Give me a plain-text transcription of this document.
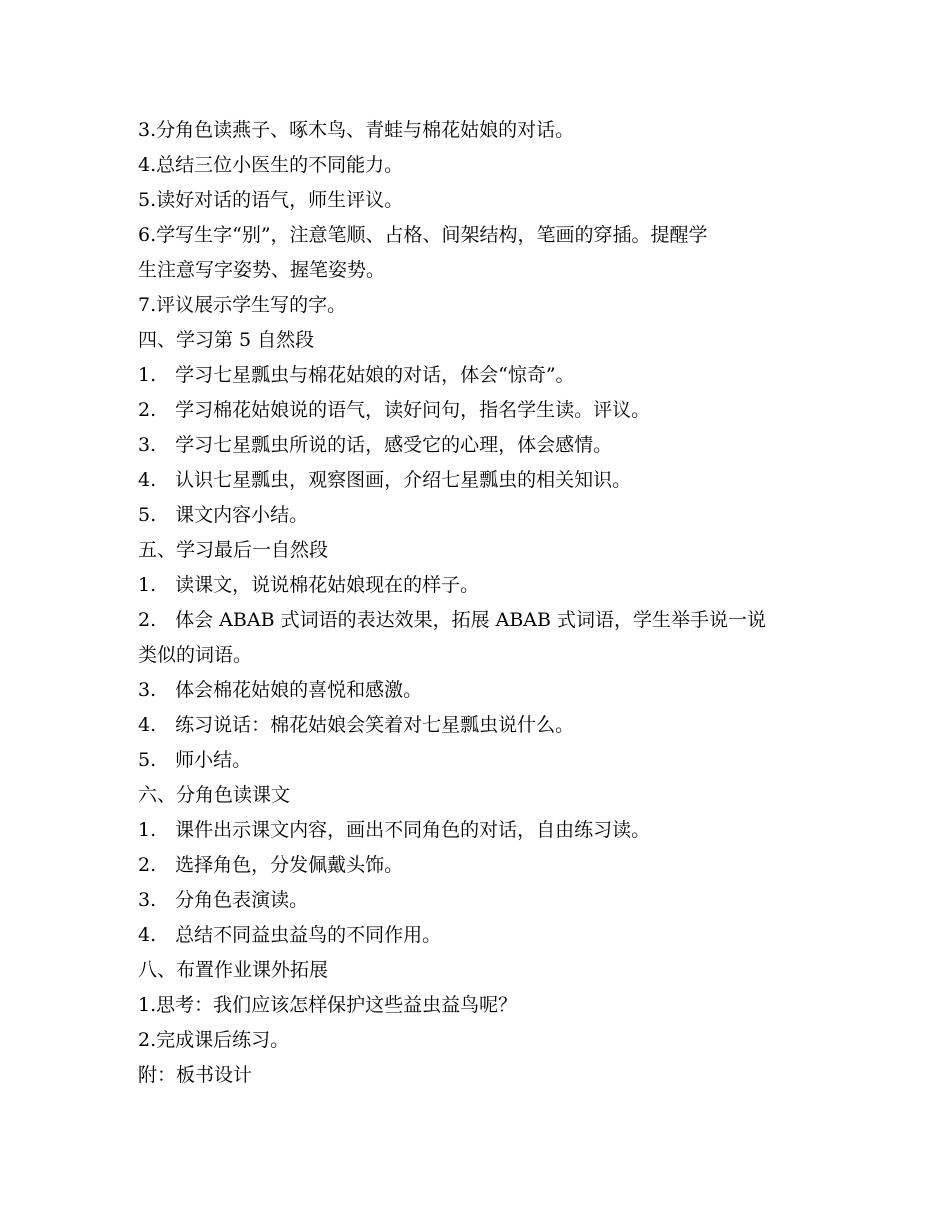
3.分角色读燕子、啄木鸟、青蛙与棉花姑娘的对话。

4.总结三位小医生的不同能力。

5.读好对话的语气，师生评议。

6.学写生字“别”，注意笔顺、占格、间架结构，笔画的穿插。提醒学

生注意写字姿势、握笔姿势。

7.评议展示学生写的字。

四、学习第 5 自然段

1.　学习七星瓢虫与棉花姑娘的对话，体会“惊奇”。

2.　学习棉花姑娘说的语气，读好问句，指名学生读。评议。

3.　学习七星瓢虫所说的话，感受它的心理，体会感情。

4.　认识七星瓢虫，观察图画，介绍七星瓢虫的相关知识。

5.　课文内容小结。

五、学习最后一自然段

1.　读课文，说说棉花姑娘现在的样子。

2.　体会 ABAB 式词语的表达效果，拓展 ABAB 式词语，学生举手说一说

类似的词语。

3.　体会棉花姑娘的喜悦和感激。

4.　练习说话：棉花姑娘会笑着对七星瓢虫说什么。

5.　师小结。

六、分角色读课文

1.　课件出示课文内容，画出不同角色的对话，自由练习读。

2.　选择角色，分发佩戴头饰。

3.　分角色表演读。

4.　总结不同益虫益鸟的不同作用。

八、布置作业课外拓展

1.思考：我们应该怎样保护这些益虫益鸟呢？

2.完成课后练习。

附：板书设计
